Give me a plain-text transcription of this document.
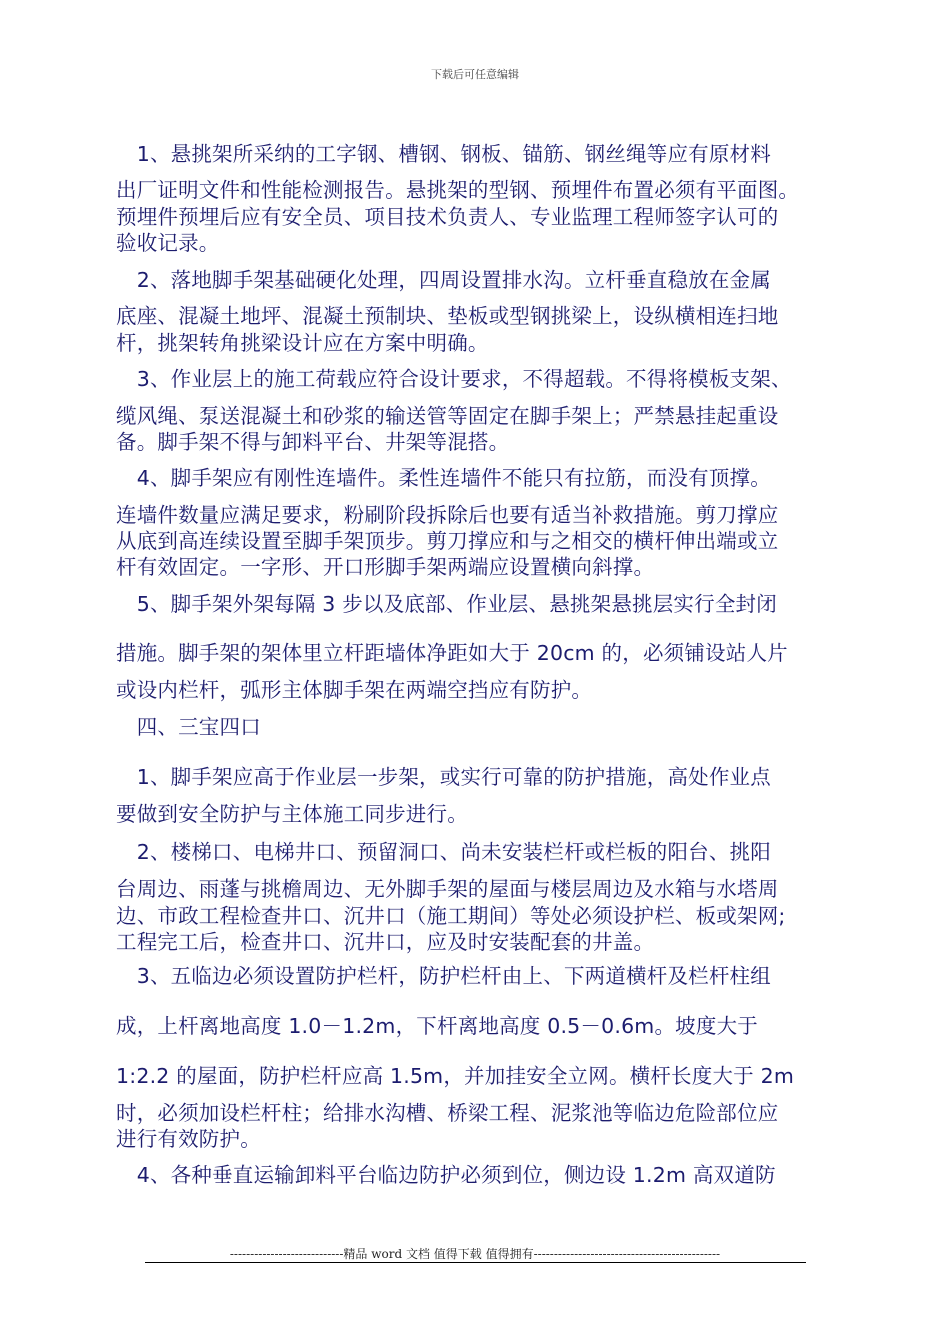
下载后可任意编辑
　1、悬挑架所采纳的工字钢、槽钢、钢板、锚筋、钢丝绳等应有原材料
出厂证明文件和性能检测报告。悬挑架的型钢、预埋件布置必须有平面图。
预埋件预埋后应有安全员、项目技术负责人、专业监理工程师签字认可的
验收记录。
　2、落地脚手架基础硬化处理，四周设置排水沟。立杆垂直稳放在金属
底座、混凝土地坪、混凝土预制块、垫板或型钢挑梁上，设纵横相连扫地
杆，挑架转角挑梁设计应在方案中明确。
　3、作业层上的施工荷载应符合设计要求，不得超载。不得将模板支架、
缆风绳、泵送混凝土和砂浆的输送管等固定在脚手架上；严禁悬挂起重设
备。脚手架不得与卸料平台、井架等混搭。
　4、脚手架应有刚性连墙件。柔性连墙件不能只有拉筋，而没有顶撑。
连墙件数量应满足要求，粉刷阶段拆除后也要有适当补救措施。剪刀撑应
从底到高连续设置至脚手架顶步。剪刀撑应和与之相交的横杆伸出端或立
杆有效固定。一字形、开口形脚手架两端应设置横向斜撑。
　5、脚手架外架每隔 3 步以及底部、作业层、悬挑架悬挑层实行全封闭
措施。脚手架的架体里立杆距墙体净距如大于 20cm 的，必须铺设站人片
或设内栏杆，弧形主体脚手架在两端空挡应有防护。
　四、三宝四口
　1、脚手架应高于作业层一步架，或实行可靠的防护措施，高处作业点
要做到安全防护与主体施工同步进行。
　2、楼梯口、电梯井口、预留洞口、尚未安装栏杆或栏板的阳台、挑阳
台周边、雨蓬与挑檐周边、无外脚手架的屋面与楼层周边及水箱与水塔周
边、市政工程检查井口、沉井口（施工期间）等处必须设护栏、板或架网;
工程完工后，检查井口、沉井口，应及时安装配套的井盖。
　3、五临边必须设置防护栏杆，防护栏杆由上、下两道横杆及栏杆柱组
成，上杆离地高度 1.0－1.2m，下杆离地高度 0.5－0.6m。坡度大于
1:2.2 的屋面，防护栏杆应高 1.5m，并加挂安全立网。横杆长度大于 2m
时，必须加设栏杆柱；给排水沟槽、桥梁工程、泥浆池等临边危险部位应
进行有效防护。
　4、各种垂直运输卸料平台临边防护必须到位，侧边设 1.2m 高双道防
----------------------------精品 word 文档 值得下载 值得拥有----------------------------------------------
